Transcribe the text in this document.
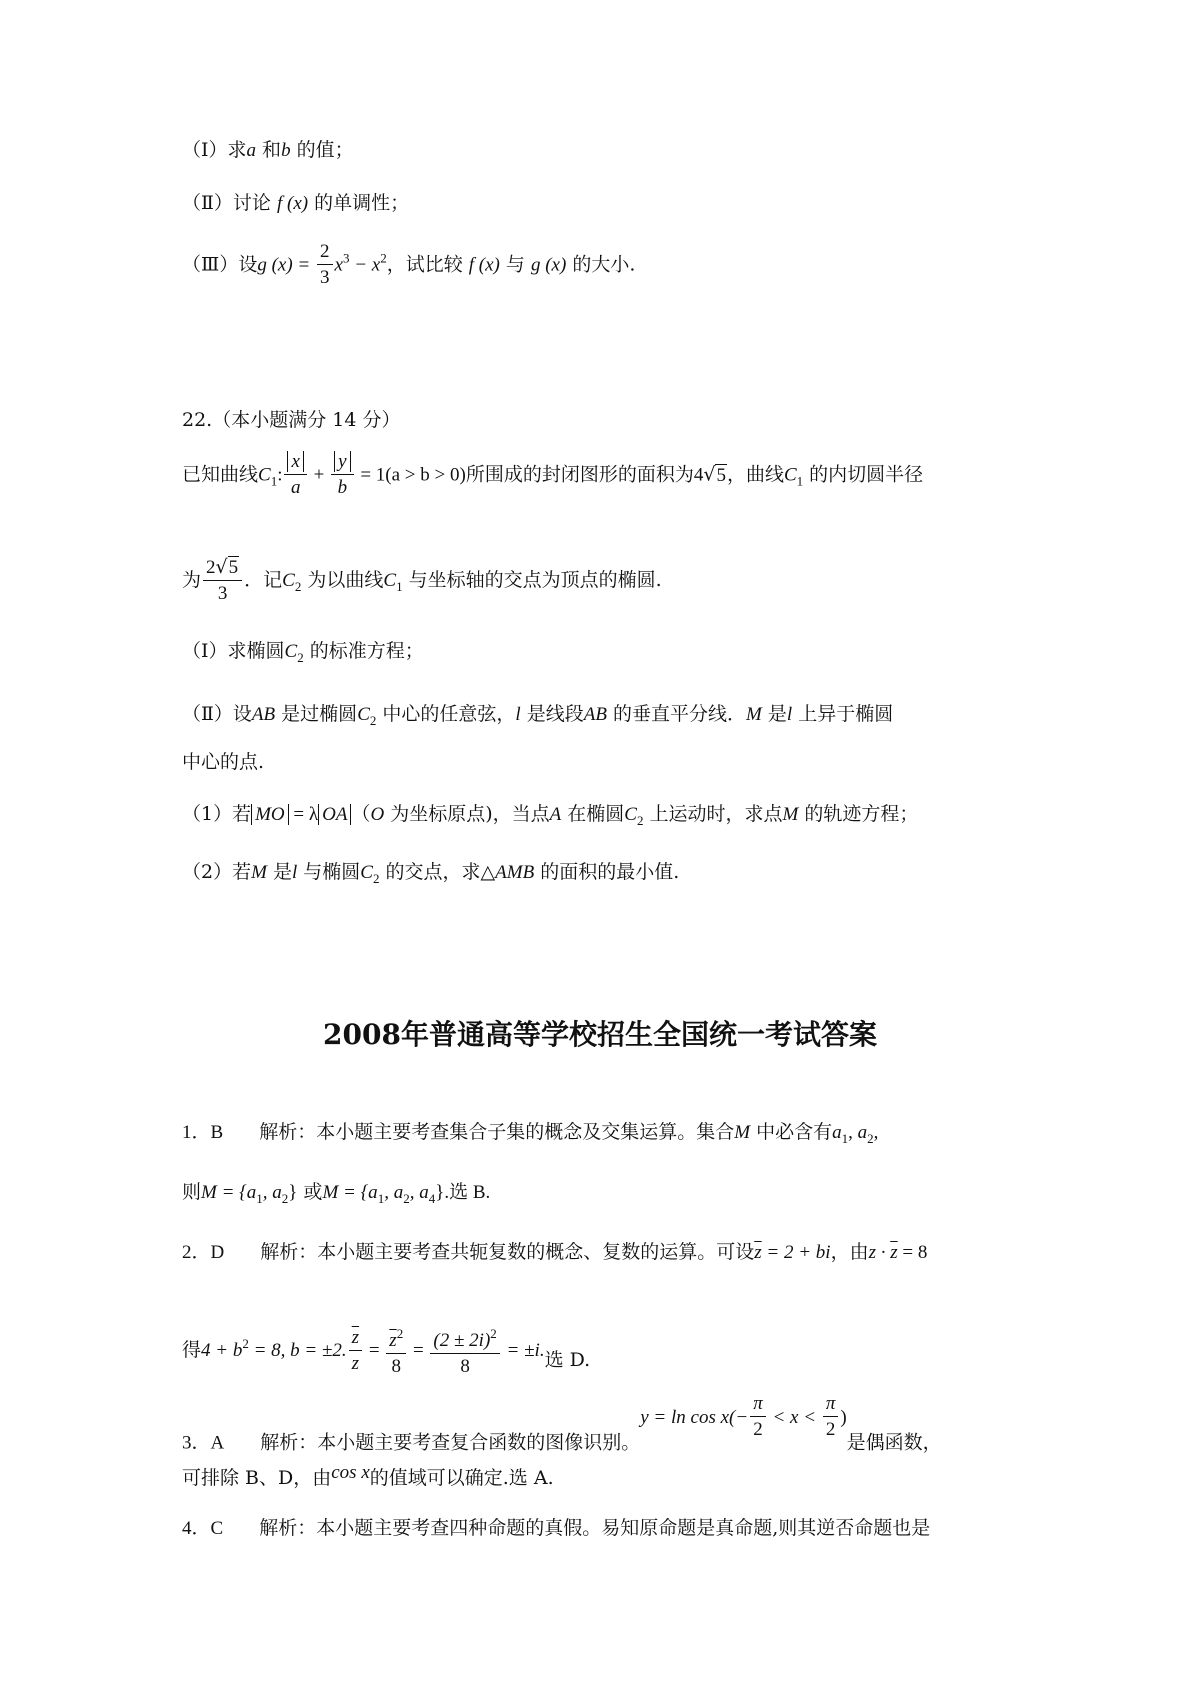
（Ⅰ）求a 和b 的值；
（Ⅱ）讨论 f (x) 的单调性；
（Ⅲ）设g $(x) = \frac{2}{3} x^3 - x^2$，试比较 f (x) 与 g (x) 的大小.
22.（本小题满分 14 分）
已知曲线$C_1$: $\frac{x}{a} + \frac{y}{b} = 1(a > b > 0)$所围成的封闭图形的面积为4√5，曲线$C_1$ 的内切圆半径
为 $\frac{2√5}{3}$ ．记$C_2$ 为以曲线$C_1$ 与坐标轴的交点为顶点的椭圆.
（Ⅰ）求椭圆$C_2$ 的标准方程；
（Ⅱ）设AB 是过椭圆$C_2$ 中心的任意弦，l 是线段AB 的垂直平分线．M 是l 上异于椭圆
中心的点.
（1）若 MO = λ OA （O 为坐标原点)，当点A 在椭圆$C_2$ 上运动时，求点M 的轨迹方程；
（2）若M 是l 与椭圆$C_2$ 的交点，求△AMB 的面积的最小值.
2008年普通高等学校招生全国统一考试答案
1．B 解析：本小题主要考查集合子集的概念及交集运算。集合M 中必含有$a_1$, $a_2$,
则$M = \{a_1$, $a_2$} 或$M = \{a_1$, $a_2$, $a_4$}.选 B.
2．D 解析：本小题主要考查共轭复数的概念、复数的运算。可设$\overline{z} = 2$ + bi，由$z \cdot \overline{z} = 8$
得$4 + b^2 = 8$, b = ±2. $\frac{\overline{z}}{z} = \frac{\overline{z}^2}{8} = \frac{(2 \pm 2i)^2}{8} = \pm i$.选 D.
3．A 解析：本小题主要考查复合函数的图像识别。$y = \ln \cos x(- \frac{\pi}{2} < x < \frac{\pi}{2}$ )是偶函数，
可排除 B、D，由cos x的值域可以确定.选 A.
4．C 解析：本小题主要考查四种命题的真假。易知原命题是真命题,则其逆否命题也是
